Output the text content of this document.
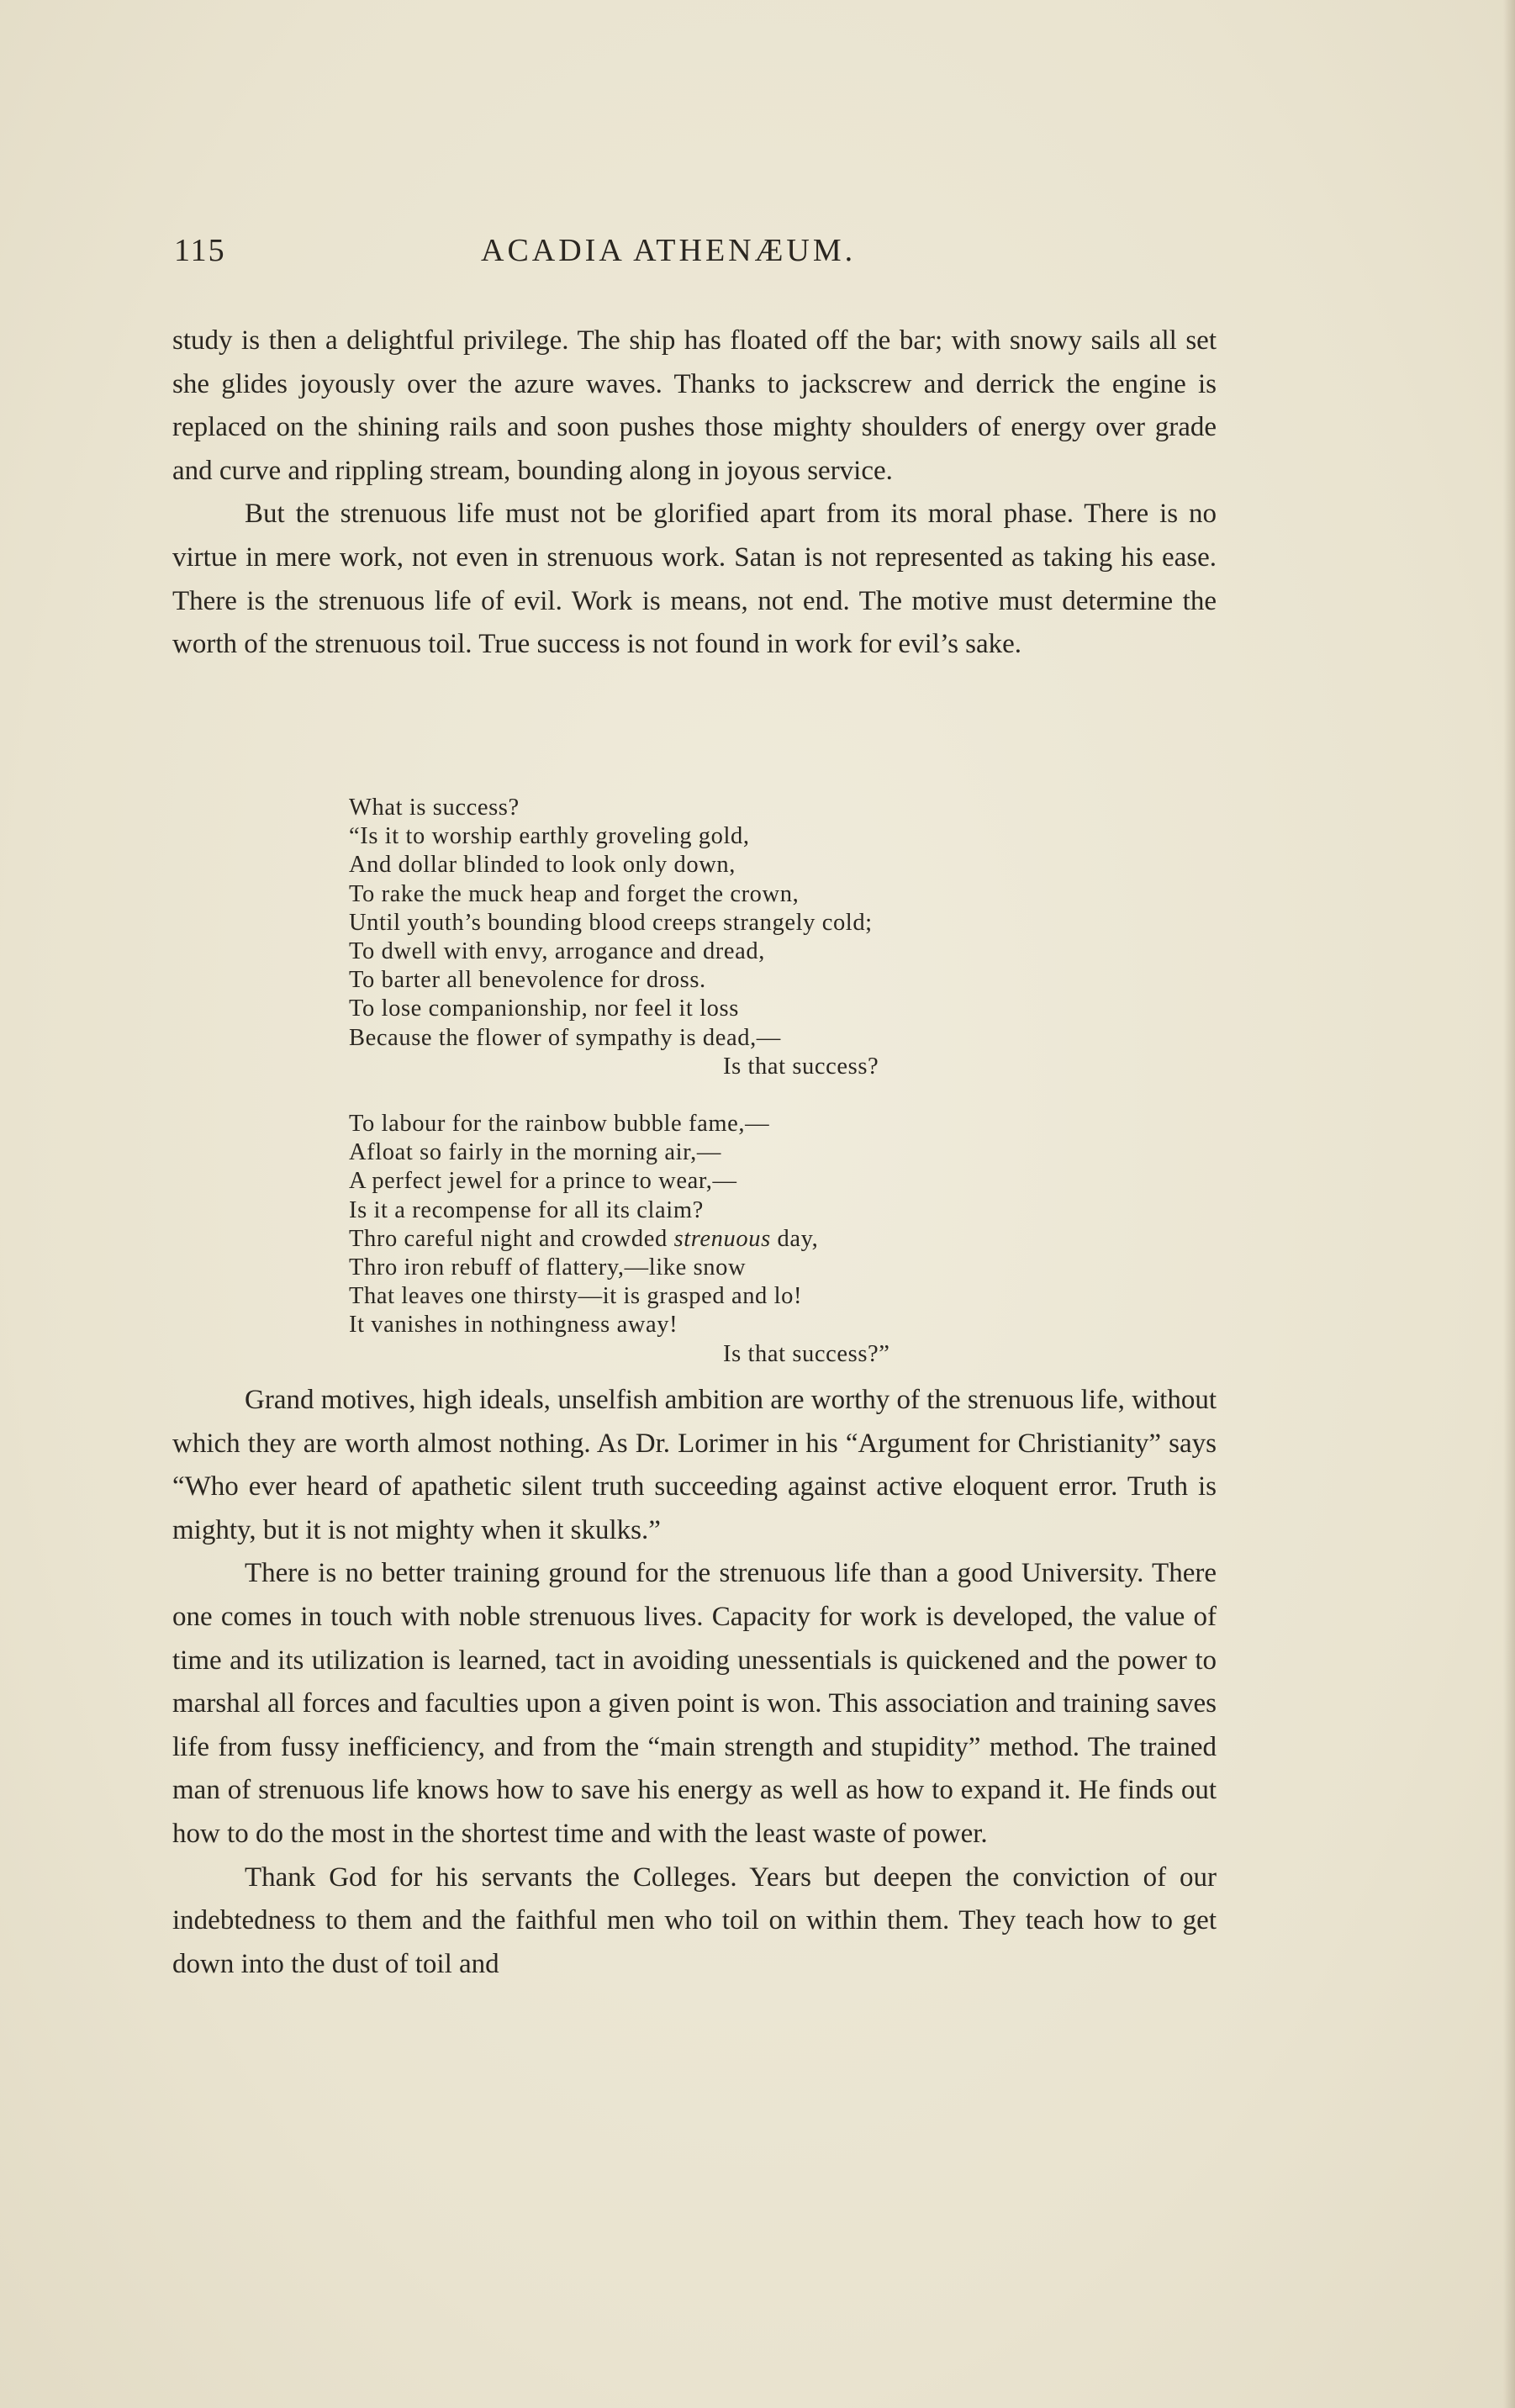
115	ACADIA ATHENÆUM.

study is then a delightful privilege. The ship has floated off the bar; with snowy sails all set she glides joyously over the azure waves. Thanks to jackscrew and derrick the engine is replaced on the shining rails and soon pushes those mighty shoulders of energy over grade and curve and rippling stream, bounding along in joyous service.

But the strenuous life must not be glorified apart from its moral phase. There is no virtue in mere work, not even in strenuous work. Satan is not represented as taking his ease. There is the strenuous life of evil. Work is means, not end. The motive must determine the worth of the strenuous toil. True success is not found in work for evil’s sake.

What is success?
“Is it to worship earthly groveling gold,
And dollar blinded to look only down,
To rake the muck heap and forget the crown,
Until youth’s bounding blood creeps strangely cold;
To dwell with envy, arrogance and dread,
To barter all benevolence for dross.
To lose companionship, nor feel it loss
Because the flower of sympathy is dead,—
Is that success?
To labour for the rainbow bubble fame,—
Afloat so fairly in the morning air,—
A perfect jewel for a prince to wear,—
Is it a recompense for all its claim?
Thro careful night and crowded strenuous day,
Thro iron rebuff of flattery,—like snow
That leaves one thirsty—it is grasped and lo!
It vanishes in nothingness away!
Is that success?”

Grand motives, high ideals, unselfish ambition are worthy of the strenuous life, without which they are worth almost nothing. As Dr. Lorimer in his “Argument for Christianity” says “Who ever heard of apathetic silent truth succeeding against active eloquent error. Truth is mighty, but it is not mighty when it skulks.”

There is no better training ground for the strenuous life than a good University. There one comes in touch with noble strenuous lives. Capacity for work is developed, the value of time and its utilization is learned, tact in avoiding unessentials is quickened and the power to marshal all forces and faculties upon a given point is won. This association and training saves life from fussy inefficiency, and from the “main strength and stupidity” method. The trained man of strenuous life knows how to save his energy as well as how to expand it. He finds out how to do the most in the shortest time and with the least waste of power.

Thank God for his servants the Colleges. Years but deepen the conviction of our indebtedness to them and the faithful men who toil on within them. They teach how to get down into the dust of toil and
